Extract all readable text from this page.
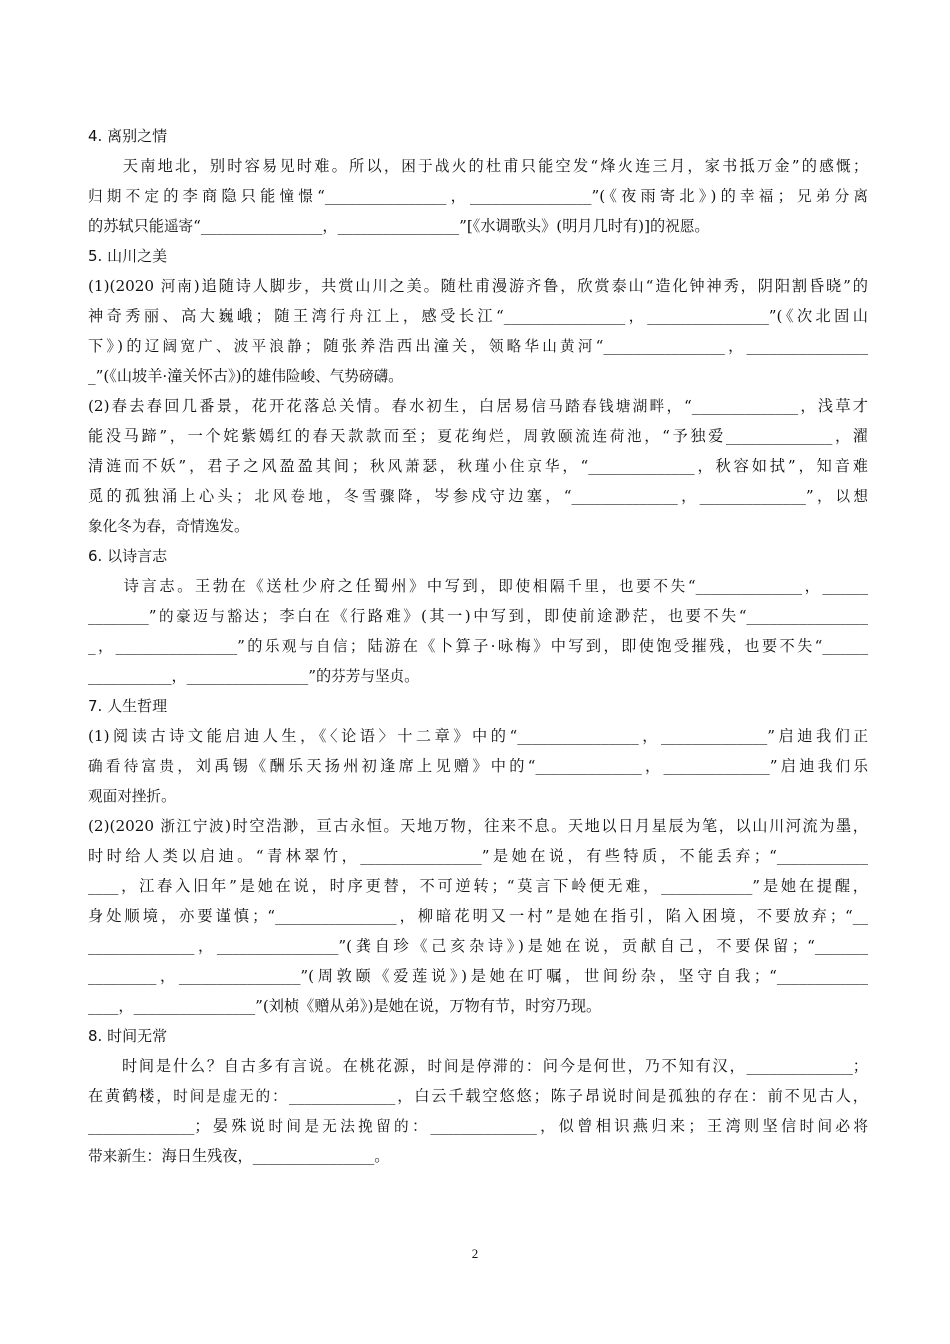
4. 离别之情
　　天南地北，别时容易见时难。所以，困于战火的杜甫只能空发“烽火连三月，家书抵万金”的感慨；
归期不定的李商隐只能憧憬“________________，________________”(《夜雨寄北》)的幸福；兄弟分离
的苏轼只能遥寄“________________，________________”[《水调歌头》(明月几时有)]的祝愿。
5. 山川之美
(1)(2020 河南)追随诗人脚步，共赏山川之美。随杜甫漫游齐鲁，欣赏泰山“造化钟神秀，阴阳割昏晓”的
神奇秀丽、高大巍峨；随王湾行舟江上，感受长江“________________，________________”(《次北固山
下》)的辽阔宽广、波平浪静；随张养浩西出潼关，领略华山黄河“________________，________________
_”(《山坡羊·潼关怀古》)的雄伟险峻、气势磅礴。
(2)春去春回几番景，花开花落总关情。春水初生，白居易信马踏春钱塘湖畔，“______________，浅草才
能没马蹄”，一个姹紫嫣红的春天款款而至；夏花绚烂，周敦颐流连荷池，“予独爱______________，濯
清涟而不妖”，君子之风盈盈其间；秋风萧瑟，秋瑾小住京华，“______________，秋容如拭”，知音难
觅的孤独涌上心头；北风卷地，冬雪骤降，岑参戍守边塞，“______________，______________”，以想
象化冬为春，奇情逸发。
6. 以诗言志
　　诗言志。王勃在《送杜少府之任蜀州》中写到，即使相隔千里，也要不失“______________，______
________”的豪迈与豁达；李白在《行路难》(其一)中写到，即使前途渺茫，也要不失“________________
_，________________”的乐观与自信；陆游在《卜算子·咏梅》中写到，即使饱受摧残，也要不失“______
___________，________________”的芬芳与坚贞。
7. 人生哲理
(1)阅读古诗文能启迪人生，《〈论语〉十二章》中的“________________，______________”启迪我们正
确看待富贵，刘禹锡《酬乐天扬州初逢席上见赠》中的“______________，______________”启迪我们乐
观面对挫折。
(2)(2020 浙江宁波)时空浩渺，亘古永恒。天地万物，往来不息。天地以日月星辰为笔，以山川河流为墨，
时时给人类以启迪。“青林翠竹，________________”是她在说，有些特质，不能丢弃；“____________
____，江春入旧年”是她在说，时序更替，不可逆转；“莫言下岭便无难，____________”是她在提醒，
身处顺境，亦要谨慎；“________________，柳暗花明又一村”是她在指引，陷入困境，不要放弃；“__
______________，________________”(龚自珍《己亥杂诗》)是她在说，贡献自己，不要保留；“_______
_________，________________”(周敦颐《爱莲说》)是她在叮嘱，世间纷杂，坚守自我；“____________
____，________________”(刘桢《赠从弟》)是她在说，万物有节，时穷乃现。
8. 时间无常
　　时间是什么？自古多有言说。在桃花源，时间是停滞的：问今是何世，乃不知有汉，______________；
在黄鹤楼，时间是虚无的：______________，白云千载空悠悠；陈子昂说时间是孤独的存在：前不见古人，
______________；晏殊说时间是无法挽留的：______________，似曾相识燕归来；王湾则坚信时间必将
带来新生：海日生残夜，________________。
2
